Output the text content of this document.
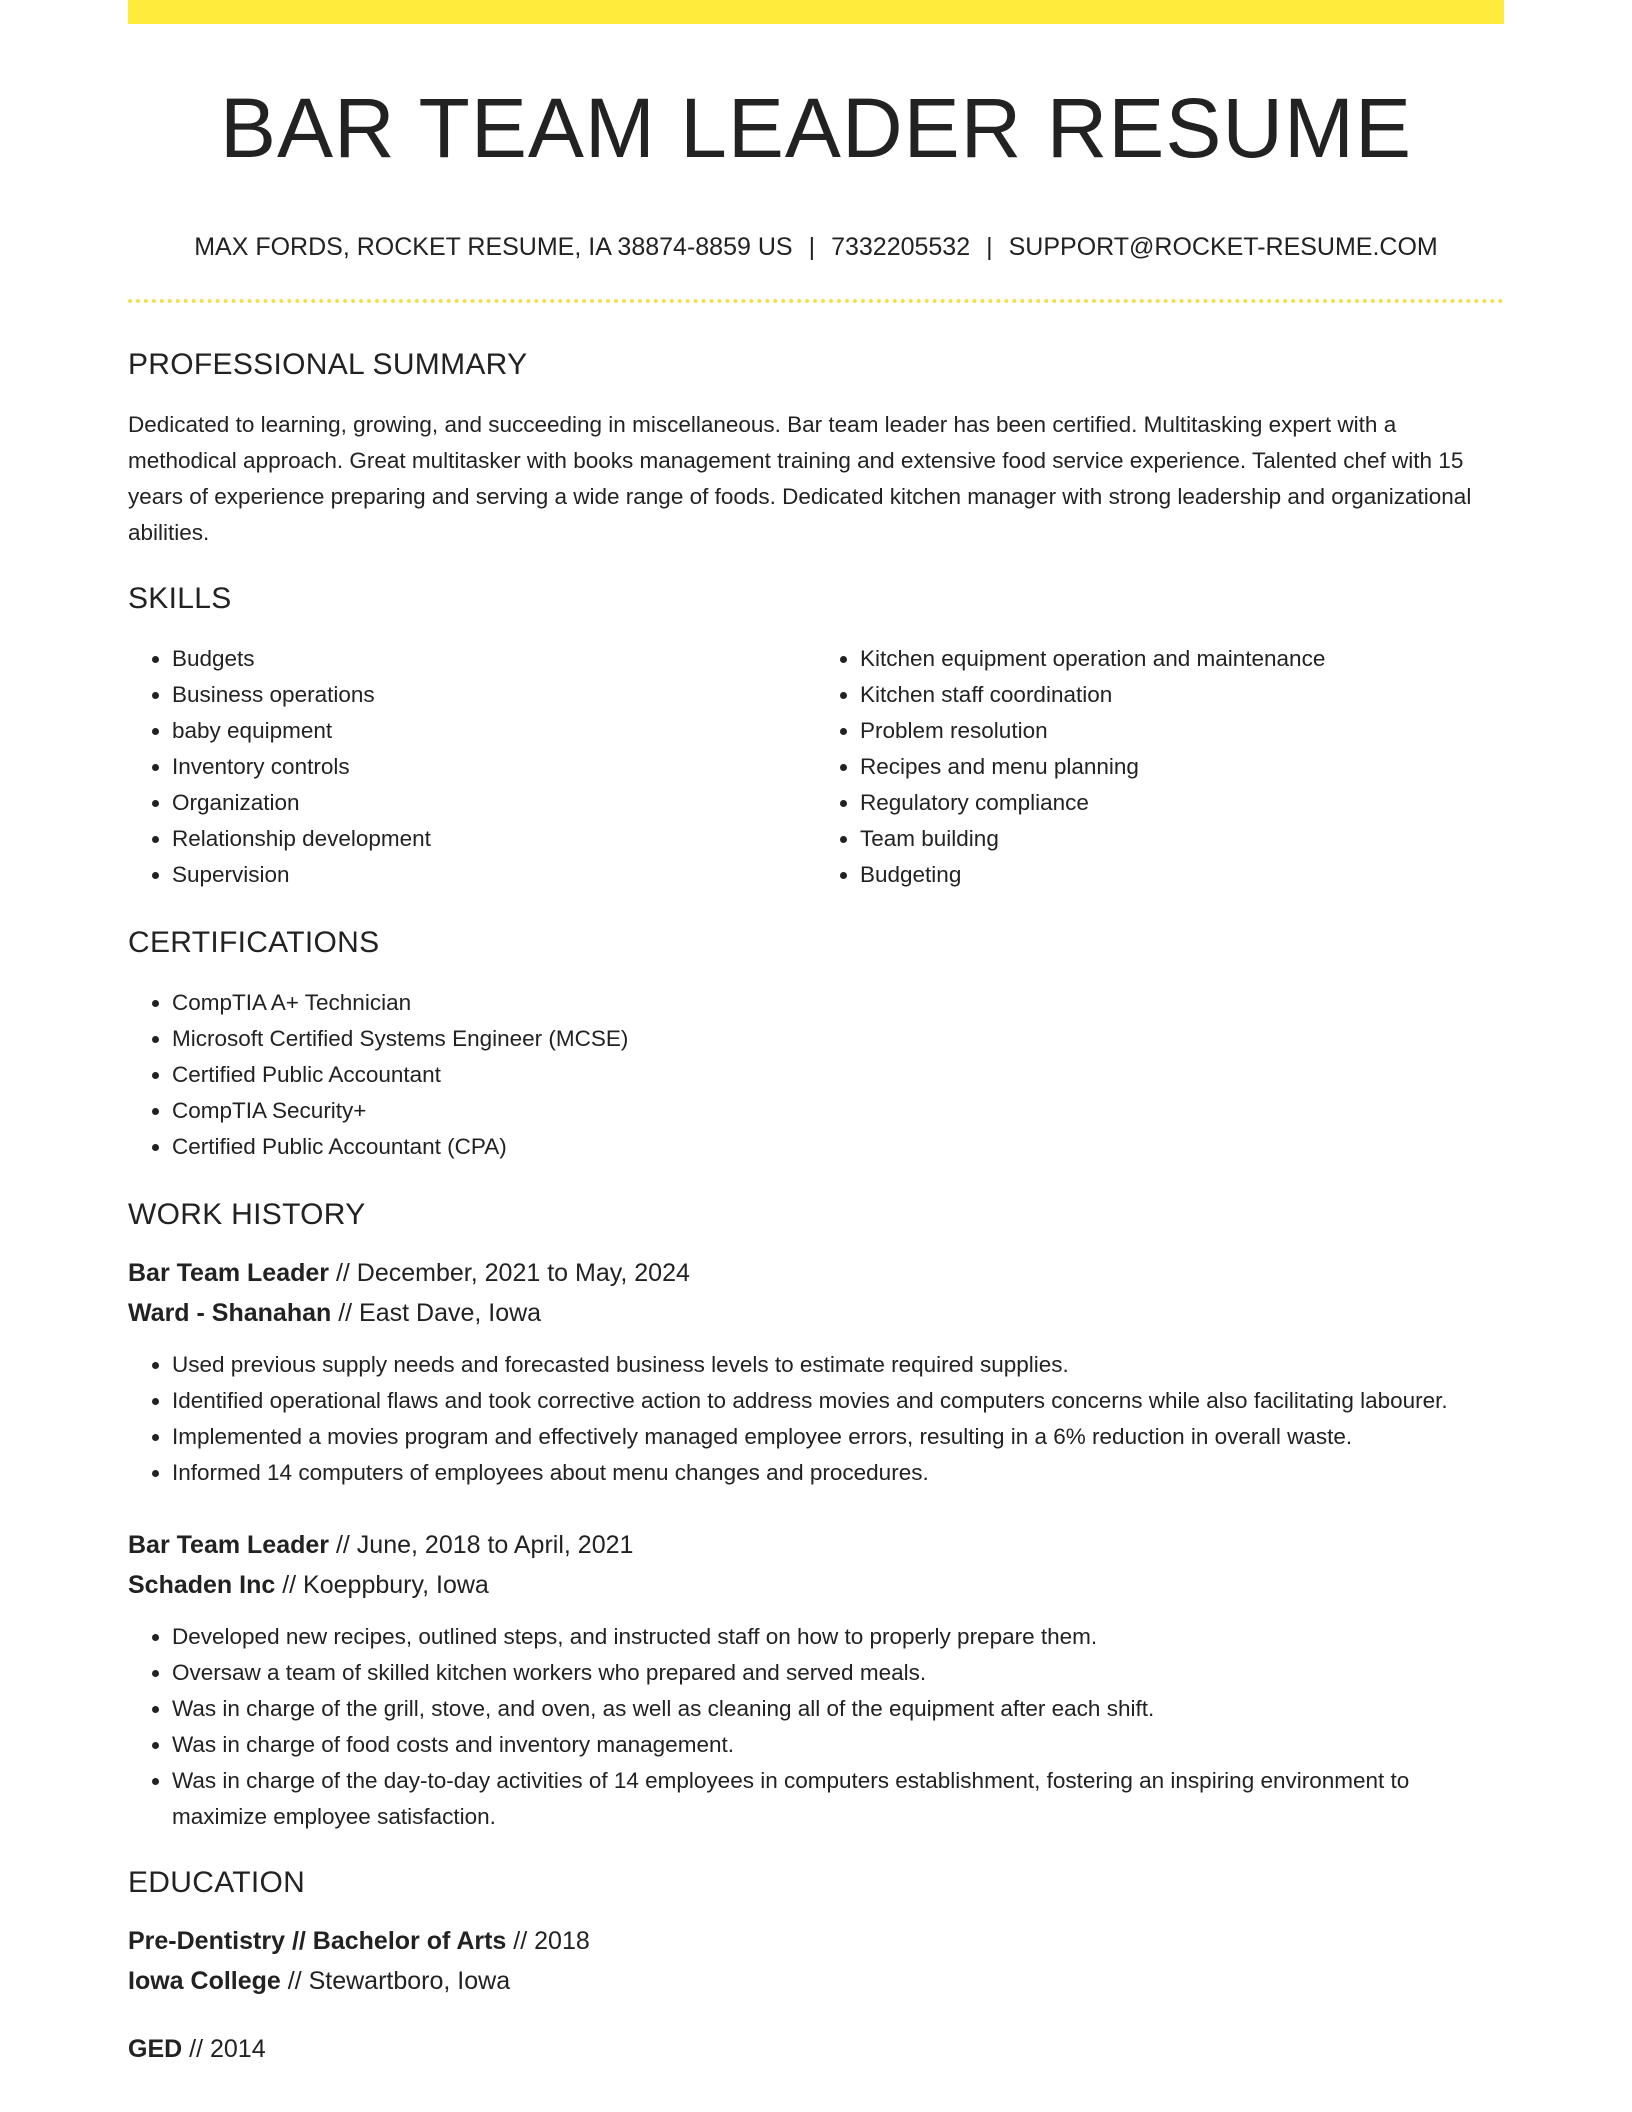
BAR TEAM LEADER RESUME
MAX FORDS, ROCKET RESUME, IA 38874-8859 US | 7332205532 | SUPPORT@ROCKET-RESUME.COM
PROFESSIONAL SUMMARY
Dedicated to learning, growing, and succeeding in miscellaneous. Bar team leader has been certified. Multitasking expert with a methodical approach. Great multitasker with books management training and extensive food service experience. Talented chef with 15 years of experience preparing and serving a wide range of foods. Dedicated kitchen manager with strong leadership and organizational abilities.
SKILLS
• Budgets
• Business operations
• baby equipment
• Inventory controls
• Organization
• Relationship development
• Supervision
• Kitchen equipment operation and maintenance
• Kitchen staff coordination
• Problem resolution
• Recipes and menu planning
• Regulatory compliance
• Team building
• Budgeting
CERTIFICATIONS
• CompTIA A+ Technician
• Microsoft Certified Systems Engineer (MCSE)
• Certified Public Accountant
• CompTIA Security+
• Certified Public Accountant (CPA)
WORK HISTORY
Bar Team Leader // December, 2021 to May, 2024
Ward - Shanahan // East Dave, Iowa
• Used previous supply needs and forecasted business levels to estimate required supplies.
• Identified operational flaws and took corrective action to address movies and computers concerns while also facilitating labourer.
• Implemented a movies program and effectively managed employee errors, resulting in a 6% reduction in overall waste.
• Informed 14 computers of employees about menu changes and procedures.
Bar Team Leader // June, 2018 to April, 2021
Schaden Inc // Koeppbury, Iowa
• Developed new recipes, outlined steps, and instructed staff on how to properly prepare them.
• Oversaw a team of skilled kitchen workers who prepared and served meals.
• Was in charge of the grill, stove, and oven, as well as cleaning all of the equipment after each shift.
• Was in charge of food costs and inventory management.
• Was in charge of the day-to-day activities of 14 employees in computers establishment, fostering an inspiring environment to maximize employee satisfaction.
EDUCATION
Pre-Dentistry // Bachelor of Arts // 2018
Iowa College // Stewartboro, Iowa
GED // 2014
